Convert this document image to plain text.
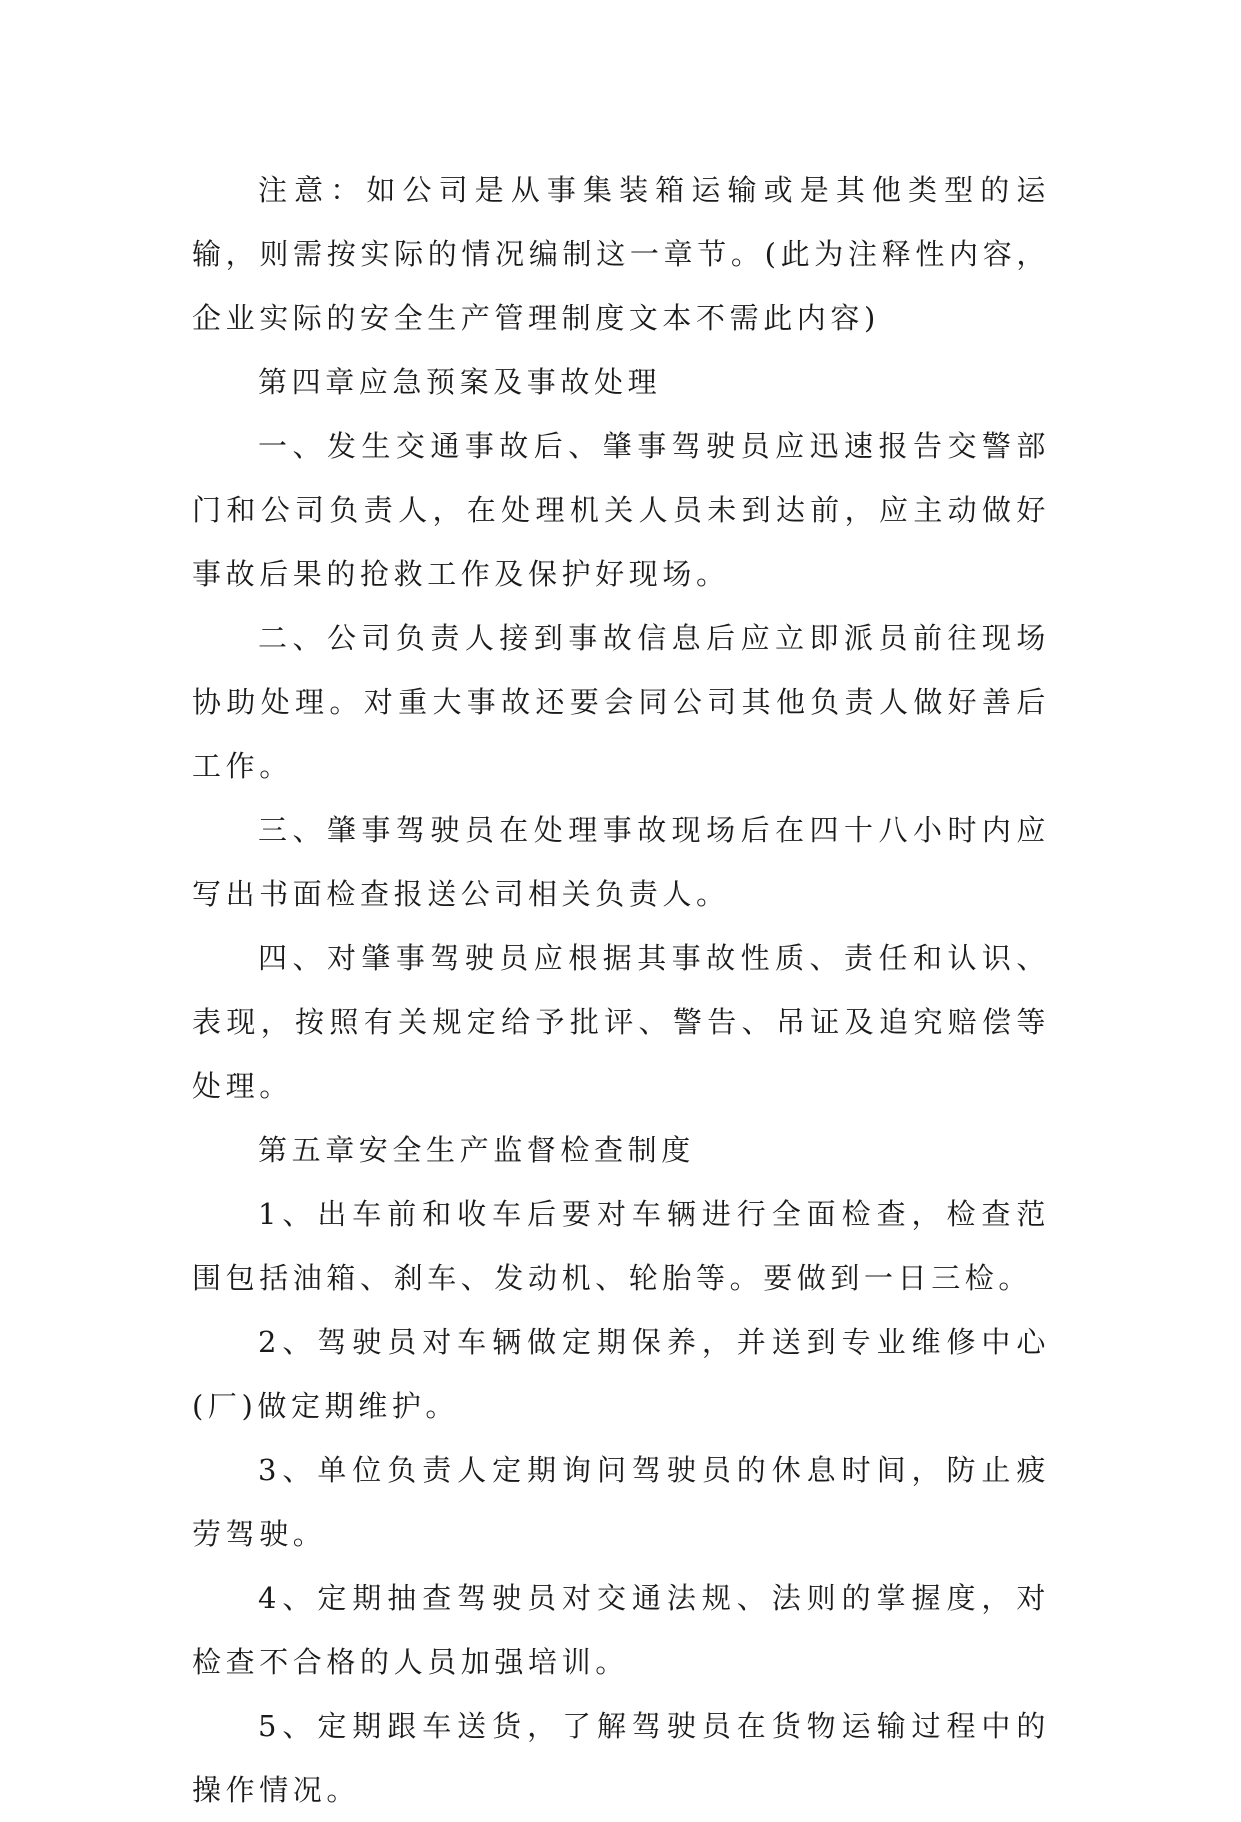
注意：如公司是从事集装箱运输或是其他类型的运输，则需按实际的情况编制这一章节。(此为注释性内容，企业实际的安全生产管理制度文本不需此内容)

第四章应急预案及事故处理

一、发生交通事故后、肇事驾驶员应迅速报告交警部门和公司负责人，在处理机关人员未到达前，应主动做好事故后果的抢救工作及保护好现场。

二、公司负责人接到事故信息后应立即派员前往现场协助处理。对重大事故还要会同公司其他负责人做好善后工作。

三、肇事驾驶员在处理事故现场后在四十八小时内应写出书面检查报送公司相关负责人。

四、对肇事驾驶员应根据其事故性质、责任和认识、表现，按照有关规定给予批评、警告、吊证及追究赔偿等处理。

第五章安全生产监督检查制度

1、出车前和收车后要对车辆进行全面检查，检查范围包括油箱、刹车、发动机、轮胎等。要做到一日三检。

2、驾驶员对车辆做定期保养，并送到专业维修中心(厂)做定期维护。

3、单位负责人定期询问驾驶员的休息时间，防止疲劳驾驶。

4、定期抽查驾驶员对交通法规、法则的掌握度，对检查不合格的人员加强培训。

5、定期跟车送货，了解驾驶员在货物运输过程中的操作情况。
